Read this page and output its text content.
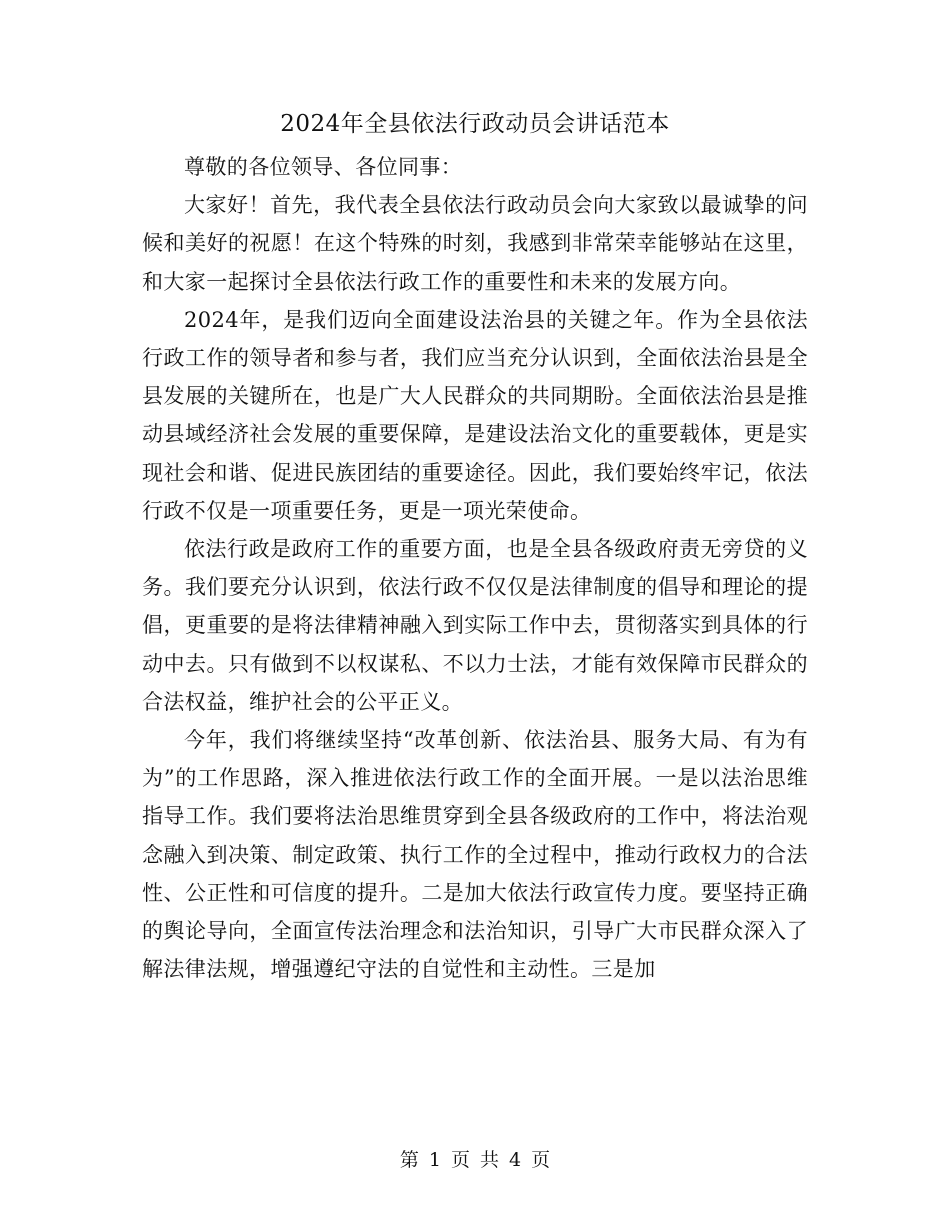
2024年全县依法行政动员会讲话范本

尊敬的各位领导、各位同事：

大家好！首先，我代表全县依法行政动员会向大家致以最诚挚的问候和美好的祝愿！在这个特殊的时刻，我感到非常荣幸能够站在这里，和大家一起探讨全县依法行政工作的重要性和未来的发展方向。

2024年，是我们迈向全面建设法治县的关键之年。作为全县依法行政工作的领导者和参与者，我们应当充分认识到，全面依法治县是全县发展的关键所在，也是广大人民群众的共同期盼。全面依法治县是推动县域经济社会发展的重要保障，是建设法治文化的重要载体，更是实现社会和谐、促进民族团结的重要途径。因此，我们要始终牢记，依法行政不仅是一项重要任务，更是一项光荣使命。

依法行政是政府工作的重要方面，也是全县各级政府责无旁贷的义务。我们要充分认识到，依法行政不仅仅是法律制度的倡导和理论的提倡，更重要的是将法律精神融入到实际工作中去，贯彻落实到具体的行动中去。只有做到不以权谋私、不以力士法，才能有效保障市民群众的合法权益，维护社会的公平正义。

今年，我们将继续坚持“改革创新、依法治县、服务大局、有为有为”的工作思路，深入推进依法行政工作的全面开展。一是以法治思维指导工作。我们要将法治思维贯穿到全县各级政府的工作中，将法治观念融入到决策、制定政策、执行工作的全过程中，推动行政权力的合法性、公正性和可信度的提升。二是加大依法行政宣传力度。要坚持正确的舆论导向，全面宣传法治理念和法治知识，引导广大市民群众深入了解法律法规，增强遵纪守法的自觉性和主动性。三是加

第 1 页 共 4 页
